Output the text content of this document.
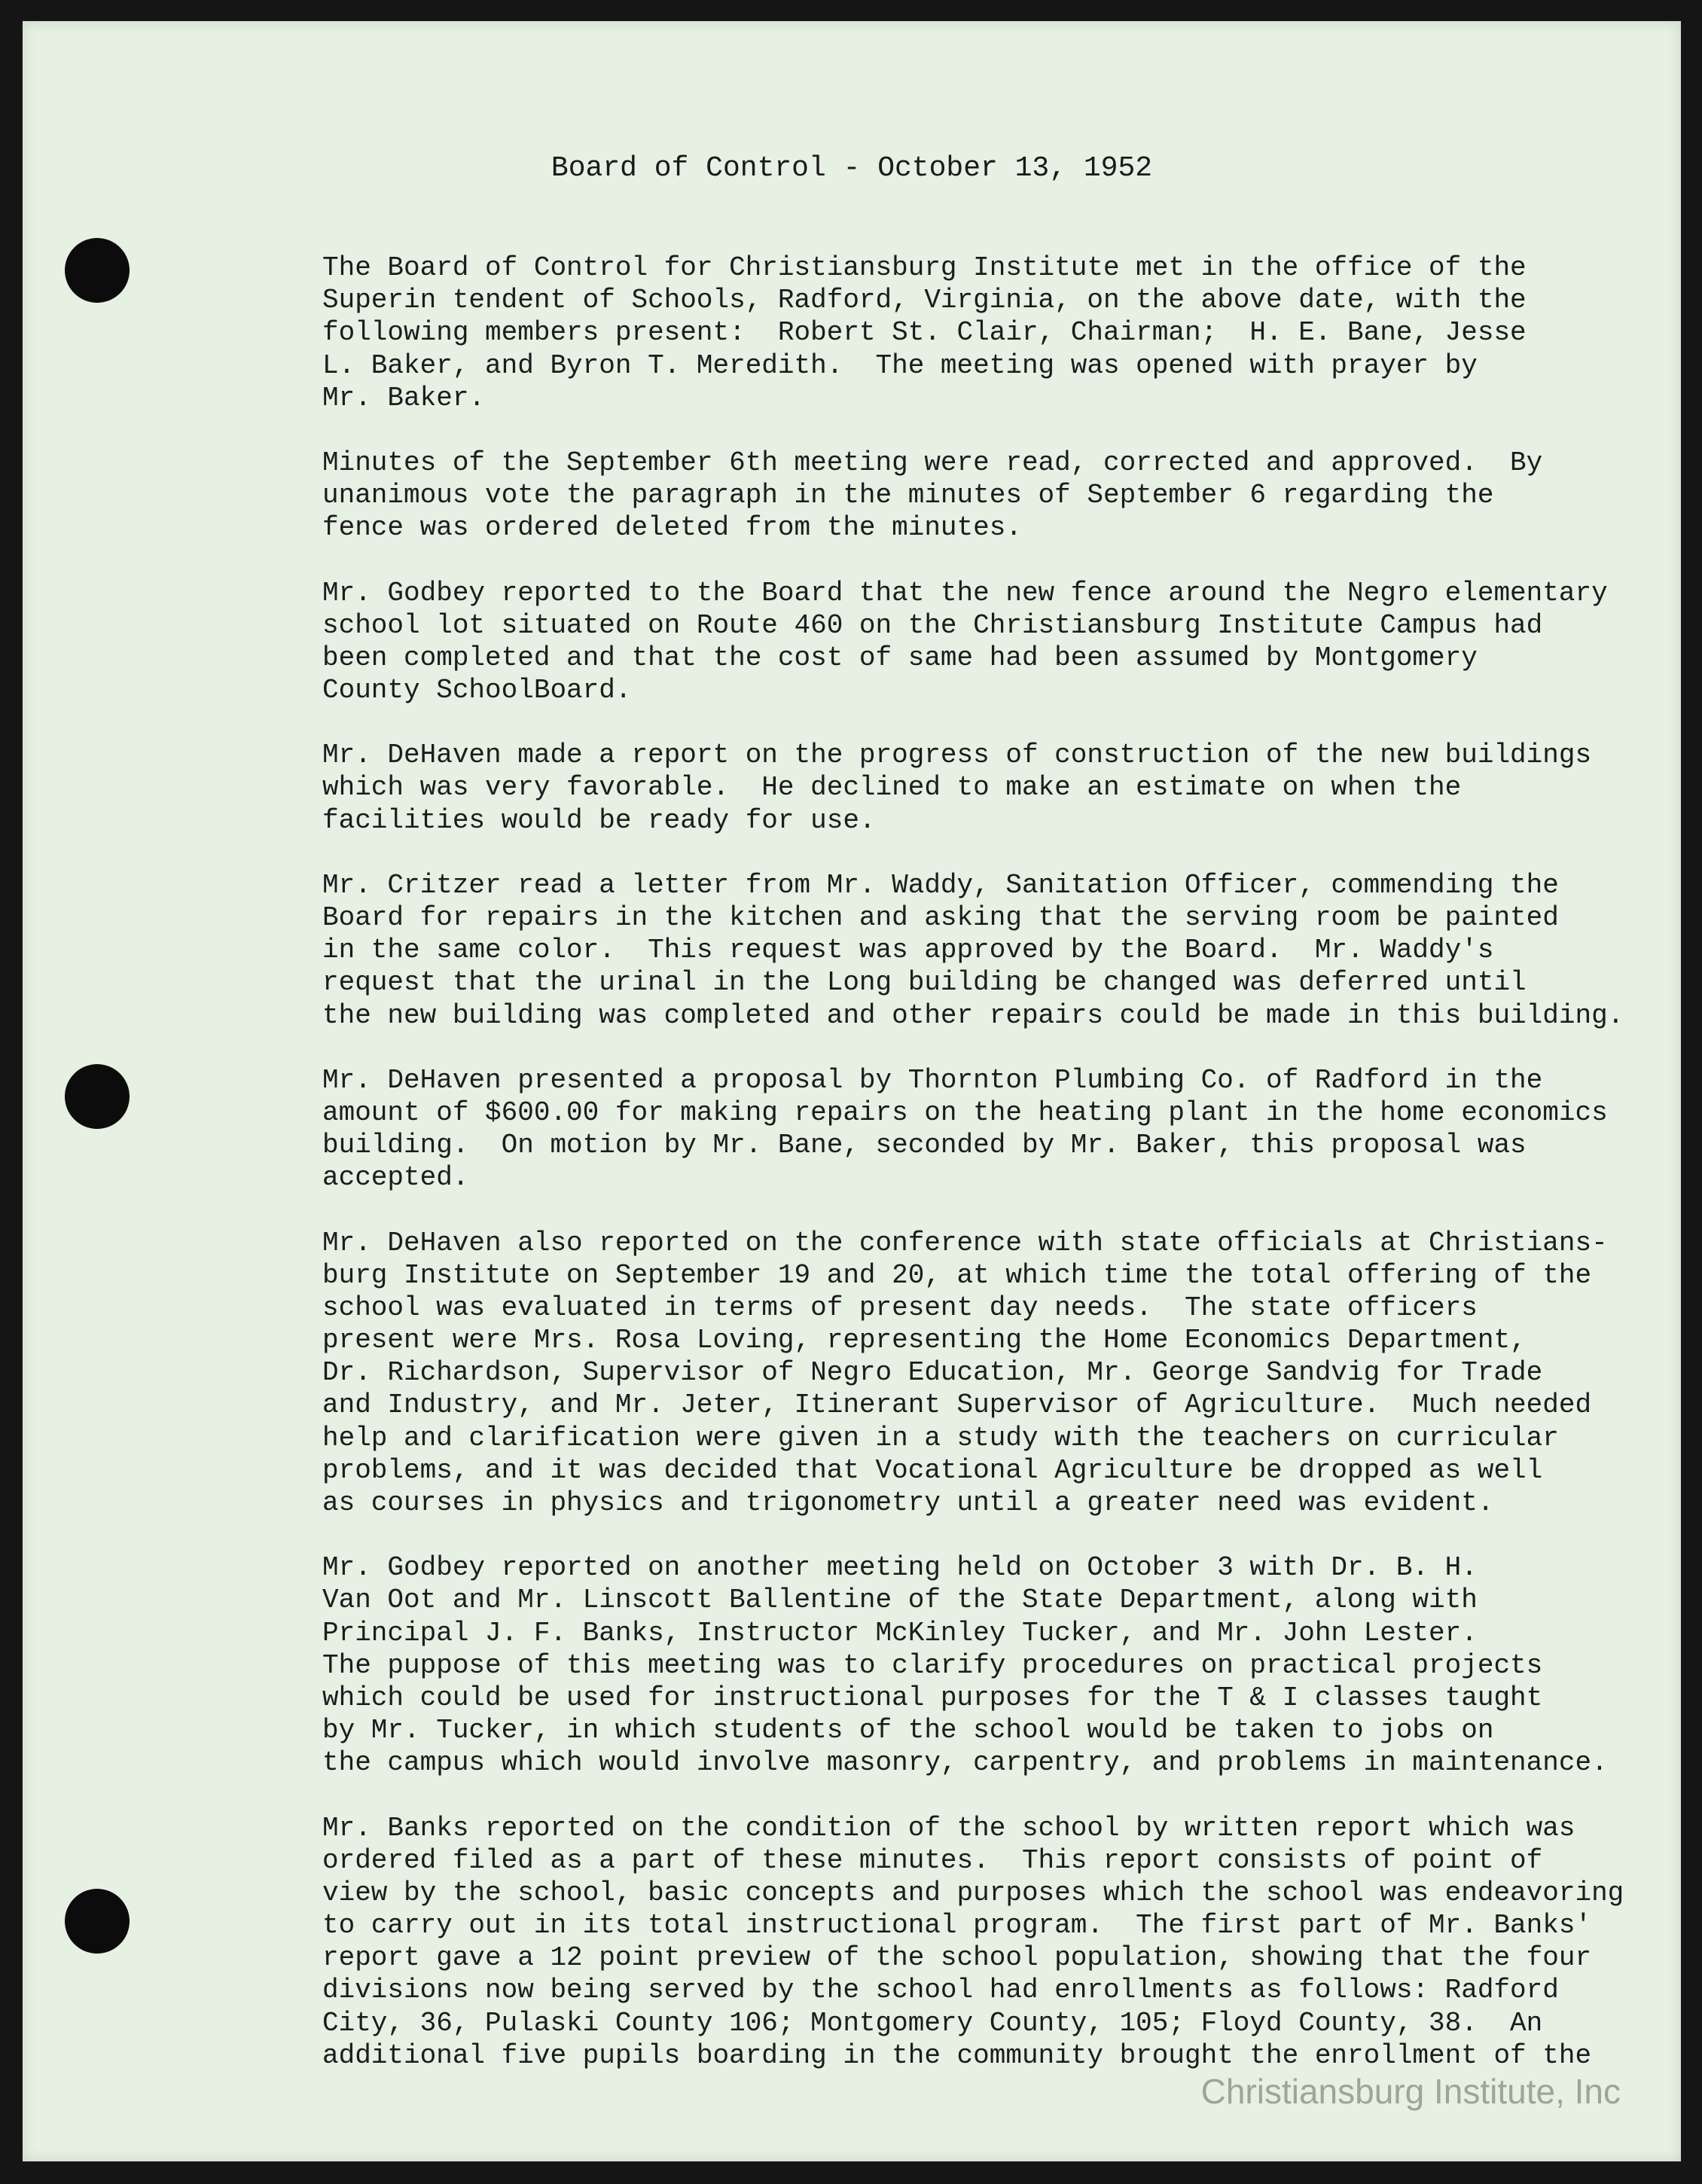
Board of Control - October 13, 1952
The Board of Control for Christiansburg Institute met in the office of the
Superin tendent of Schools, Radford, Virginia, on the above date, with the
following members present:  Robert St. Clair, Chairman;  H. E. Bane, Jesse
L. Baker, and Byron T. Meredith.  The meeting was opened with prayer by
Mr. Baker.
Minutes of the September 6th meeting were read, corrected and approved.  By
unanimous vote the paragraph in the minutes of September 6 regarding the
fence was ordered deleted from the minutes.
Mr. Godbey reported to the Board that the new fence around the Negro elementary
school lot situated on Route 460 on the Christiansburg Institute Campus had
been completed and that the cost of same had been assumed by Montgomery
County SchoolBoard.
Mr. DeHaven made a report on the progress of construction of the new buildings
which was very favorable.  He declined to make an estimate on when the
facilities would be ready for use.
Mr. Critzer read a letter from Mr. Waddy, Sanitation Officer, commending the
Board for repairs in the kitchen and asking that the serving room be painted
in the same color.  This request was approved by the Board.  Mr. Waddy's
request that the urinal in the Long building be changed was deferred until
the new building was completed and other repairs could be made in this building.
Mr. DeHaven presented a proposal by Thornton Plumbing Co. of Radford in the
amount of $600.00 for making repairs on the heating plant in the home economics
building.  On motion by Mr. Bane, seconded by Mr. Baker, this proposal was
accepted.
Mr. DeHaven also reported on the conference with state officials at Christians-
burg Institute on September 19 and 20, at which time the total offering of the
school was evaluated in terms of present day needs.  The state officers
present were Mrs. Rosa Loving, representing the Home Economics Department,
Dr. Richardson, Supervisor of Negro Education, Mr. George Sandvig for Trade
and Industry, and Mr. Jeter, Itinerant Supervisor of Agriculture.  Much needed
help and clarification were given in a study with the teachers on curricular
problems, and it was decided that Vocational Agriculture be dropped as well
as courses in physics and trigonometry until a greater need was evident.
Mr. Godbey reported on another meeting held on October 3 with Dr. B. H.
Van Oot and Mr. Linscott Ballentine of the State Department, along with
Principal J. F. Banks, Instructor McKinley Tucker, and Mr. John Lester.
The puppose of this meeting was to clarify procedures on practical projects
which could be used for instructional purposes for the T & I classes taught
by Mr. Tucker, in which students of the school would be taken to jobs on
the campus which would involve masonry, carpentry, and problems in maintenance.
Mr. Banks reported on the condition of the school by written report which was
ordered filed as a part of these minutes.  This report consists of point of
view by the school, basic concepts and purposes which the school was endeavoring
to carry out in its total instructional program.  The first part of Mr. Banks'
report gave a 12 point preview of the school population, showing that the four
divisions now being served by the school had enrollments as follows: Radford
City, 36, Pulaski County 106; Montgomery County, 105; Floyd County, 38.  An
additional five pupils boarding in the community brought the enrollment of the
Christiansburg Institute, Inc
